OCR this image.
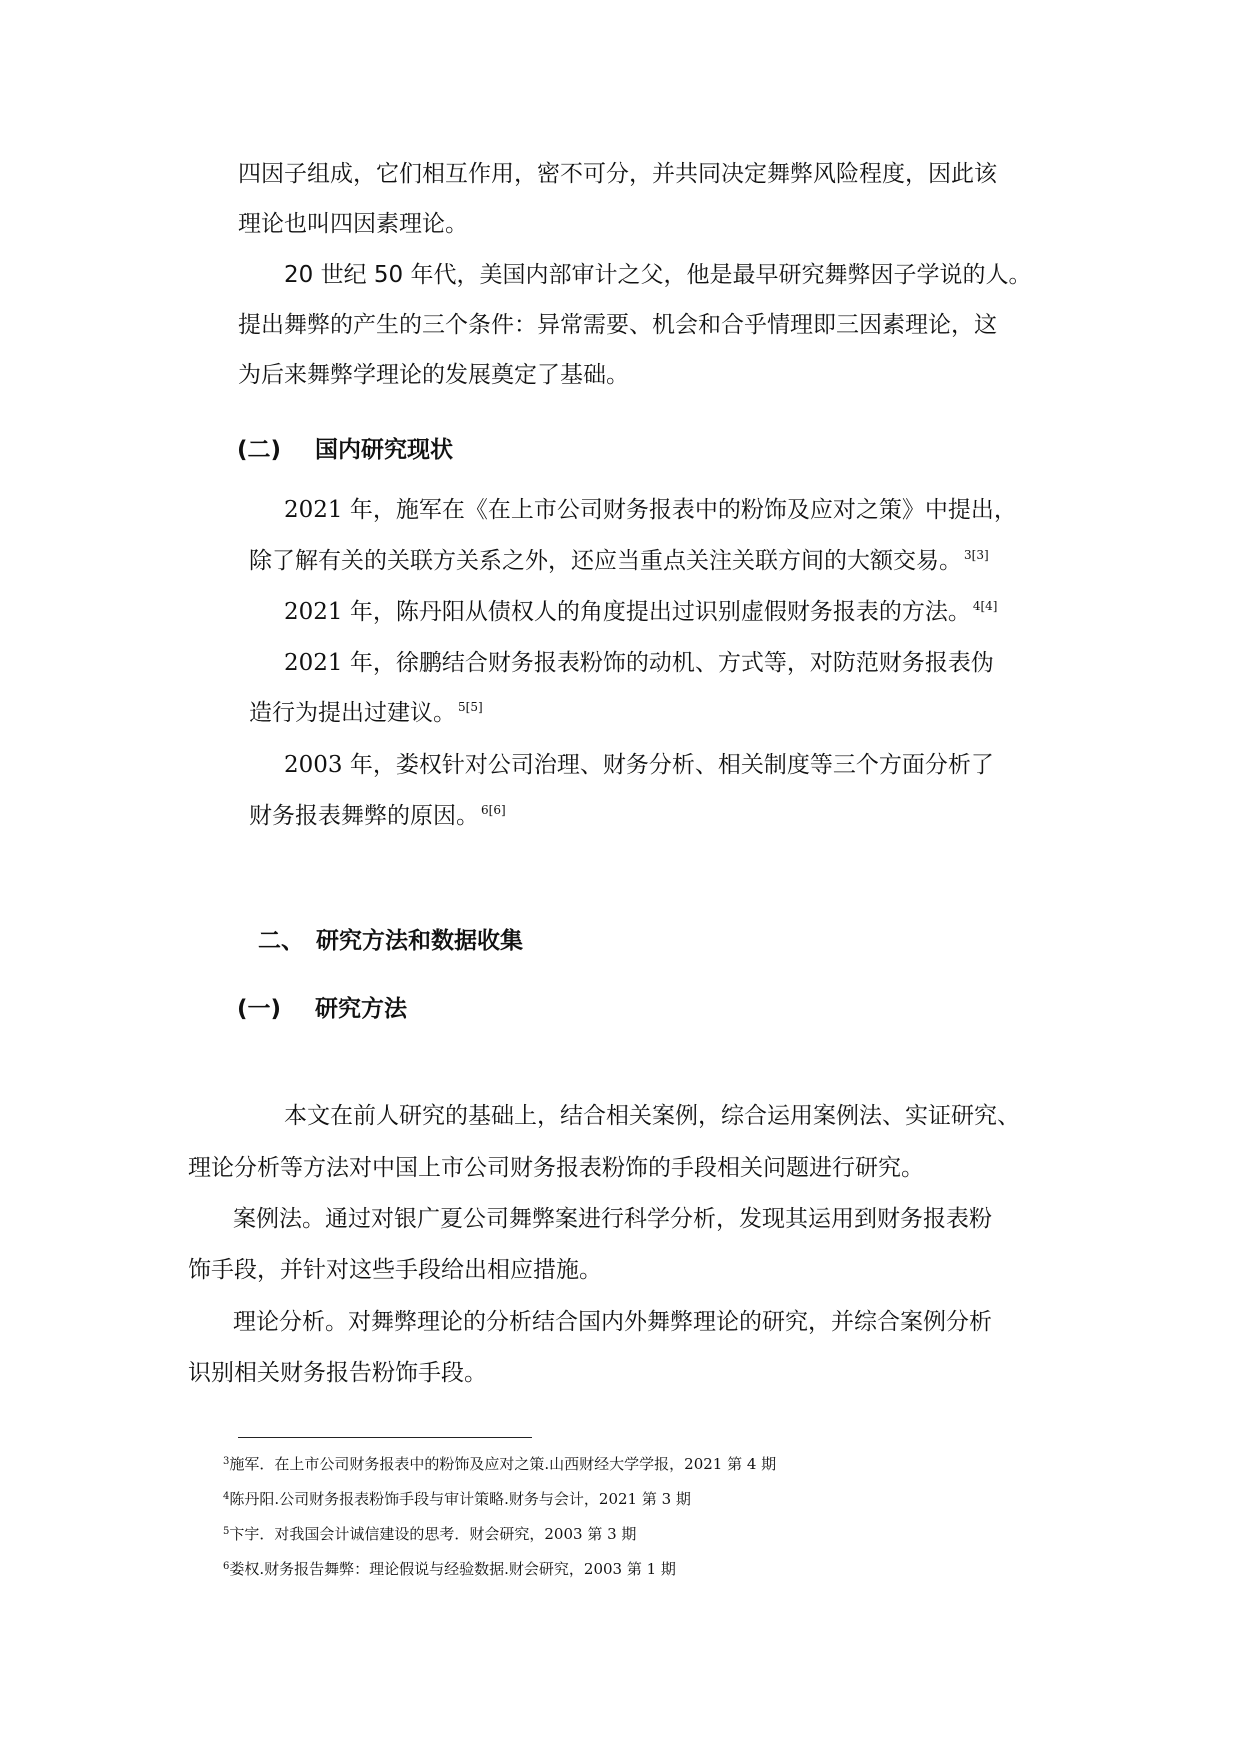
四因子组成，它们相互作用，密不可分，并共同决定舞弊风险程度，因此该
理论也叫四因素理论。
20 世纪 50 年代，美国内部审计之父，他是最早研究舞弊因子学说的人。
提出舞弊的产生的三个条件：异常需要、机会和合乎情理即三因素理论，这
为后来舞弊学理论的发展奠定了基础。
(二) 国内研究现状
2021 年，施军在《在上市公司财务报表中的粉饰及应对之策》中提出，
除了解有关的关联方关系之外，还应当重点关注关联方间的大额交易。 $^{3[3]}$
2021 年，陈丹阳从债权人的角度提出过识别虚假财务报表的方法。 $^{4[4]}$
2021 年，徐鹏结合财务报表粉饰的动机、方式等，对防范财务报表伪
造行为提出过建议。 $^{5[5]}$
2003 年，娄权针对公司治理、财务分析、相关制度等三个方面分析了
财务报表舞弊的原因。 $^{6[6]}$
二、 研究方法和数据收集
(一) 研究方法
本文在前人研究的基础上，结合相关案例，综合运用案例法、实证研究、
理论分析等方法对中国上市公司财务报表粉饰的手段相关问题进行研究。
案例法。通过对银广夏公司舞弊案进行科学分析，发现其运用到财务报表粉
饰手段，并针对这些手段给出相应措施。
理论分析。对舞弊理论的分析结合国内外舞弊理论的研究，并综合案例分析
识别相关财务报告粉饰手段。
$^3$施军．在上市公司财务报表中的粉饰及应对之策.山西财经大学学报，2021 第 4 期
$^4$陈丹阳.公司财务报表粉饰手段与审计策略.财务与会计，2021 第 3 期
$^5$卞宇．对我国会计诚信建设的思考．财会研究，2003 第 3 期
$^6$娄权.财务报告舞弊：理论假说与经验数据.财会研究，2003 第 1 期
